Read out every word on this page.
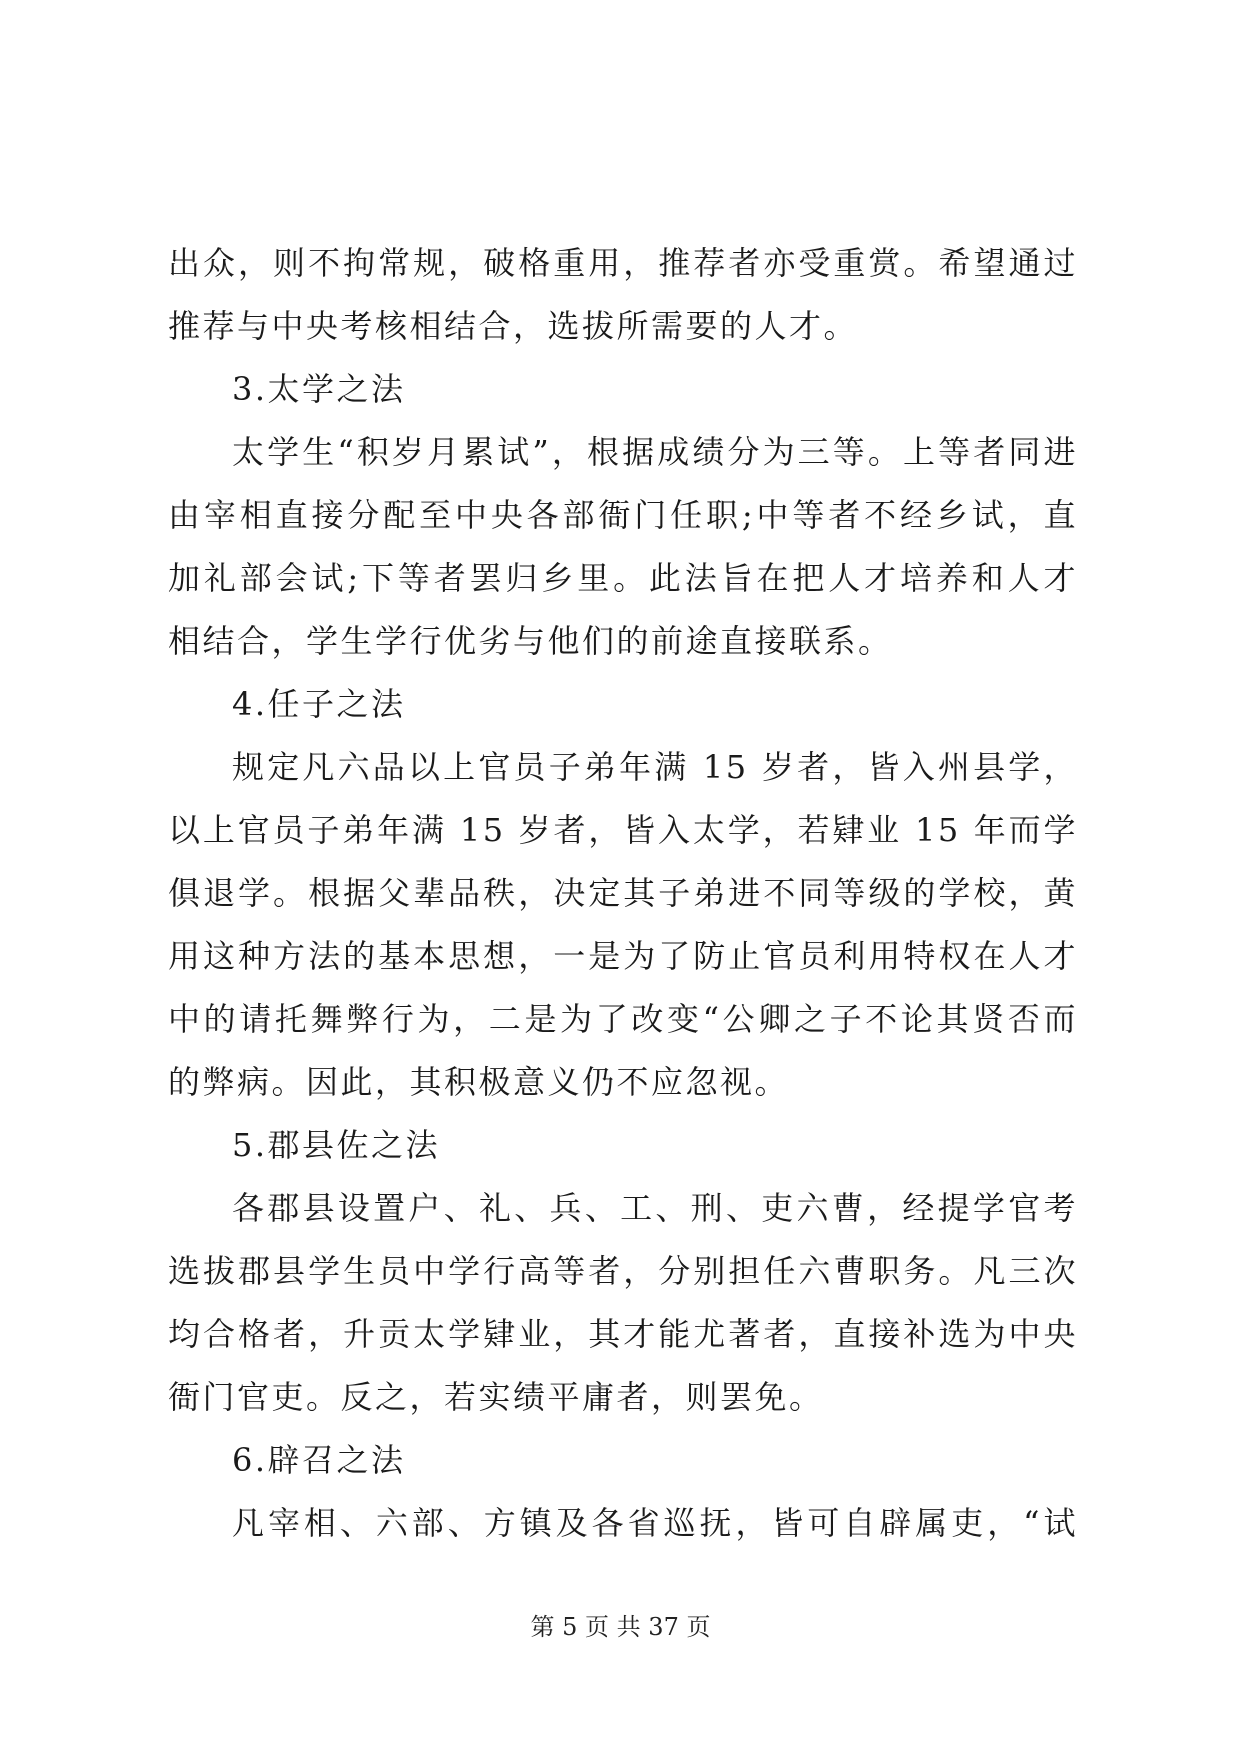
出众，则不拘常规，破格重用，推荐者亦受重赏。希望通过
推荐与中央考核相结合，选拔所需要的人才。
3.太学之法
太学生“积岁月累试”，根据成绩分为三等。上等者同进
由宰相直接分配至中央各部衙门任职;中等者不经乡试，直
加礼部会试;下等者罢归乡里。此法旨在把人才培养和人才
相结合，学生学行优劣与他们的前途直接联系。
4.任子之法
规定凡六品以上官员子弟年满 15 岁者，皆入州县学，
以上官员子弟年满 15 岁者，皆入太学，若肄业 15 年而学
俱退学。根据父辈品秩，决定其子弟进不同等级的学校，黄
用这种方法的基本思想，一是为了防止官员利用特权在人才
中的请托舞弊行为，二是为了改变“公卿之子不论其贤否而
的弊病。因此，其积极意义仍不应忽视。
5.郡县佐之法
各郡县设置户、礼、兵、工、刑、吏六曹，经提学官考
选拔郡县学生员中学行高等者，分别担任六曹职务。凡三次
均合格者，升贡太学肄业，其才能尤著者，直接补选为中央
衙门官吏。反之，若实绩平庸者，则罢免。
6.辟召之法
凡宰相、六部、方镇及各省巡抚，皆可自辟属吏，“试
第 5 页 共 37 页
